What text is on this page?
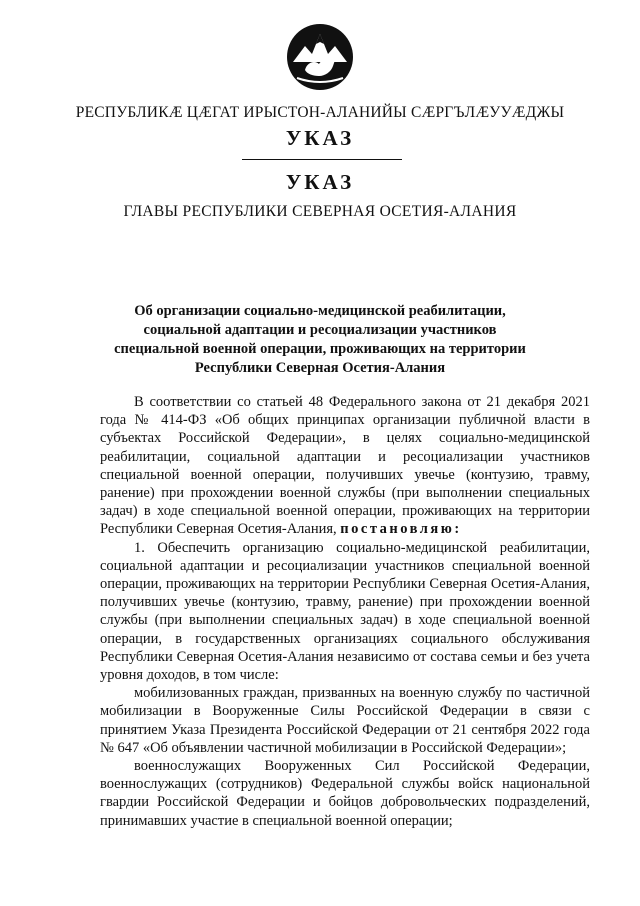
РЕСПУБЛИКӔ ЦӔГАТ ИРЫСТОН-АЛАНИЙЫ СӔРГЪЛӔУУӔДЖЫ

УКАЗ

УКАЗ

ГЛАВЫ РЕСПУБЛИКИ СЕВЕРНАЯ ОСЕТИЯ-АЛАНИЯ

Об организации социально-медицинской реабилитации, социальной адаптации и ресоциализации участников специальной военной операции, проживающих на территории Республики Северная Осетия-Алания

В соответствии со статьей 48 Федерального закона от 21 декабря 2021 года № 414-ФЗ «Об общих принципах организации публичной власти в субъектах Российской Федерации», в целях социально-медицинской реабилитации, социальной адаптации и ресоциализации участников специальной военной операции, получивших увечье (контузию, травму, ранение) при прохождении военной службы (при выполнении специальных задач) в ходе специальной военной операции, проживающих на территории Республики Северная Осетия-Алания, постановляю:

1. Обеспечить организацию социально-медицинской реабилитации, социальной адаптации и ресоциализации участников специальной военной операции, проживающих на территории Республики Северная Осетия-Алания, получивших увечье (контузию, травму, ранение) при прохождении военной службы (при выполнении специальных задач) в ходе специальной военной операции, в государственных организациях социального обслуживания Республики Северная Осетия-Алания независимо от состава семьи и без учета уровня доходов, в том числе:

мобилизованных граждан, призванных на военную службу по частичной мобилизации в Вооруженные Силы Российской Федерации в связи с принятием Указа Президента Российской Федерации от 21 сентября 2022 года № 647 «Об объявлении частичной мобилизации в Российской Федерации»;

военнослужащих Вооруженных Сил Российской Федерации, военнослужащих (сотрудников) Федеральной службы войск национальной гвардии Российской Федерации и бойцов добровольческих подразделений, принимавших участие в специальной военной операции;
